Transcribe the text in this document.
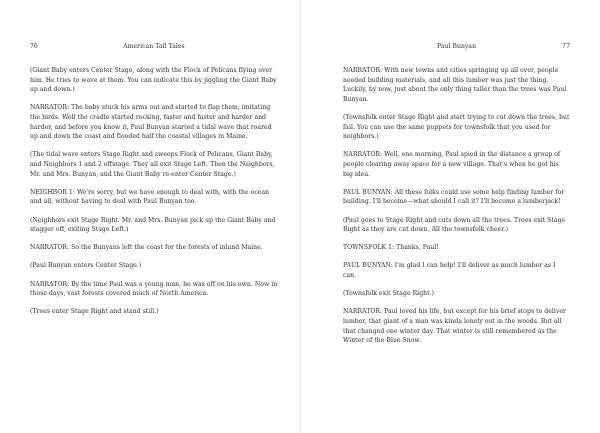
76	American Tall Tales

(Giant Baby enters Center Stage, along with the Flock of Pelicans flying over him. He tries to wave at them. You can indicate this by jiggling the Giant Baby up and down.)

NARRATOR: The baby stuck his arms out and started to flap them, imitating the birds. Well the cradle started rocking, faster and faster and harder and harder, and before you know it, Paul Bunyan started a tidal wave that roared up and down the coast and flooded half the coastal villages in Maine.

(The tidal wave enters Stage Right and sweeps Flock of Pelicans, Giant Baby, and Neighbors 1 and 2 offstage. They all exit Stage Left. Then the Neighbors, Mr. and Mrs. Bunyan, and the Giant Baby re-enter Center Stage.)

NEIGHBOR 1: We're sorry, but we have enough to deal with, with the ocean and all, without having to deal with Paul Bunyan too.

(Neighbors exit Stage Right. Mr. and Mrs. Bunyan pick up the Giant Baby and stagger off, exiting Stage Left.)

NARRATOR: So the Bunyans left the coast for the forests of inland Maine.

(Paul Bunyan enters Center Stage.)

NARRATOR: By the time Paul was a young man, he was off on his own. Now in those days, vast forests covered much of North America.

(Trees enter Stage Right and stand still.)

Paul Bunyan	77

NARRATOR: With new towns and cities springing up all over, people needed building materials, and all this lumber was just the thing. Luckily, by now, just about the only thing taller than the trees was Paul Bunyan.

(Townsfolk enter Stage Right and start trying to cut down the trees, but fail. You can use the same puppets for townsfolk that you used for neighbors.)

NARRATOR: Well, one morning, Paul spied in the distance a group of people clearing away space for a new village. That's when he got his big idea.

PAUL BUNYAN: All these folks could use some help finding lumber for building. I'll become—what should I call it? I'll become a lumberjack!

(Paul goes to Stage Right and cuts down all the trees. Trees exit Stage Right as they are cut down. All the townsfolk cheer.)

TOWNSFOLK 1: Thanks, Paul!

PAUL BUNYAN: I'm glad I can help! I'll deliver as much lumber as I can.

(Townsfolk exit Stage Right.)

NARRATOR: Paul loved his life, but except for his brief stops to deliver lumber, that giant of a man was kinda lonely out in the woods. But all that changed one winter day. That winter is still remembered as the Winter of the Blue Snow.
